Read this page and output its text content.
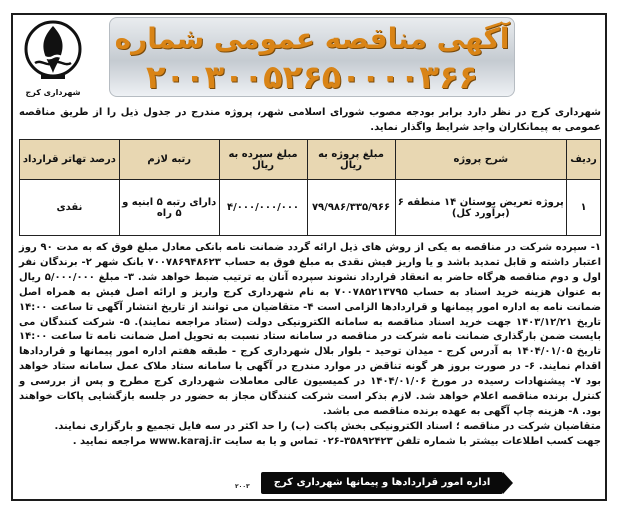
شهرداری کرج
آگهی مناقصه عمومی شماره
۲۰۰۳۰۰۵۲۶۵۰۰۰۰۳۶۶
شهرداری کرج در نظر دارد برابر بودجه مصوب شورای اسلامی شهر، پروژه مندرج در جدول ذیل را از طریق مناقصه عمومی به پیمانکاران واجد شرایط واگذار نماید.
ردیف	شرح پروژه	مبلغ پروژه به ریال	مبلغ سپرده به ریال	رتبه لازم	درصد تهاتر قرارداد
۱	پروژه تعریض بوستان ۱۴ منطقه ۶ (برآورد کل)	۷۹/۹۸۶/۳۳۵/۹۶۶	۴/۰۰۰/۰۰۰/۰۰۰	دارای رتبه ۵ ابنیه و ۵ راه	نقدی

۱- سپرده شرکت در مناقصه به یکی از روش های ذیل ارائه گردد ضمانت نامه بانکی معادل مبلغ فوق که به مدت ۹۰ روز اعتبار داشته و قابل تمدید باشد و یا واریز فیش نقدی به مبلغ فوق به حساب ۷۰۰۷۸۶۹۴۸۶۲۳ بانک شهر ۲- برندگان نفر اول و دوم مناقصه هرگاه حاضر به انعقاد قرارداد نشوند سپرده آنان به ترتیب ضبط خواهد شد. ۳- مبلغ ۵/۰۰۰/۰۰۰ ریال به عنوان هزینه خرید اسناد به حساب ۷۰۰۷۸۵۲۱۳۷۹۵ به نام شهرداری کرج واریز و ارائه اصل فیش به همراه اصل ضمانت نامه به اداره امور پیمانها و قراردادها الزامی است ۴- متقاضیان می توانند از تاریخ انتشار آگهی تا ساعت ۱۴:۰۰ تاریخ ۱۴۰۳/۱۲/۲۱ جهت خرید اسناد مناقصه به سامانه الکترونیکی دولت (ستاد مراجعه نمایند). ۵- شرکت کنندگان می بایست ضمن بارگذاری ضمانت نامه شرکت در مناقصه در سامانه ستاد نسبت به تحویل اصل ضمانت نامه تا ساعت ۱۴:۰۰ تاریخ ۱۴۰۴/۰۱/۰۵ به آدرس کرج - میدان توحید - بلوار بلال شهرداری کرج - طبقه هفتم اداره امور پیمانها و قراردادها اقدام نمایند. ۶- در صورت بروز هر گونه تناقض در موارد مندرج در آگهی با سامانه ستاد ملاک عمل سامانه ستاد خواهد بود ۷- پیشنهادات رسیده در مورخ ۱۴۰۴/۰۱/۰۶ در کمیسیون عالی معاملات شهرداری کرج مطرح و پس از بررسی و کنترل برنده مناقصه اعلام خواهد شد. لازم بذکر است شرکت کنندگان مجاز به حضور در جلسه بازگشایی پاکات خواهند بود. ۸- هزینه چاپ آگهی به عهده برنده مناقصه می باشد.

متقاضیان شرکت در مناقصه ؛ اسناد الکترونیکی بخش پاکت (ب) را حد اکثر در سه فایل تجمیع و بارگزاری نمایند.

جهت کسب اطلاعات بیشتر با شماره تلفن ۳۵۸۹۲۴۲۳-۰۲۶ تماس و یا به سایت www.karaj.ir مراجعه نمایید .

۲۰۰۳	اداره امور قراردادها و پیمانها شهرداری کرج
